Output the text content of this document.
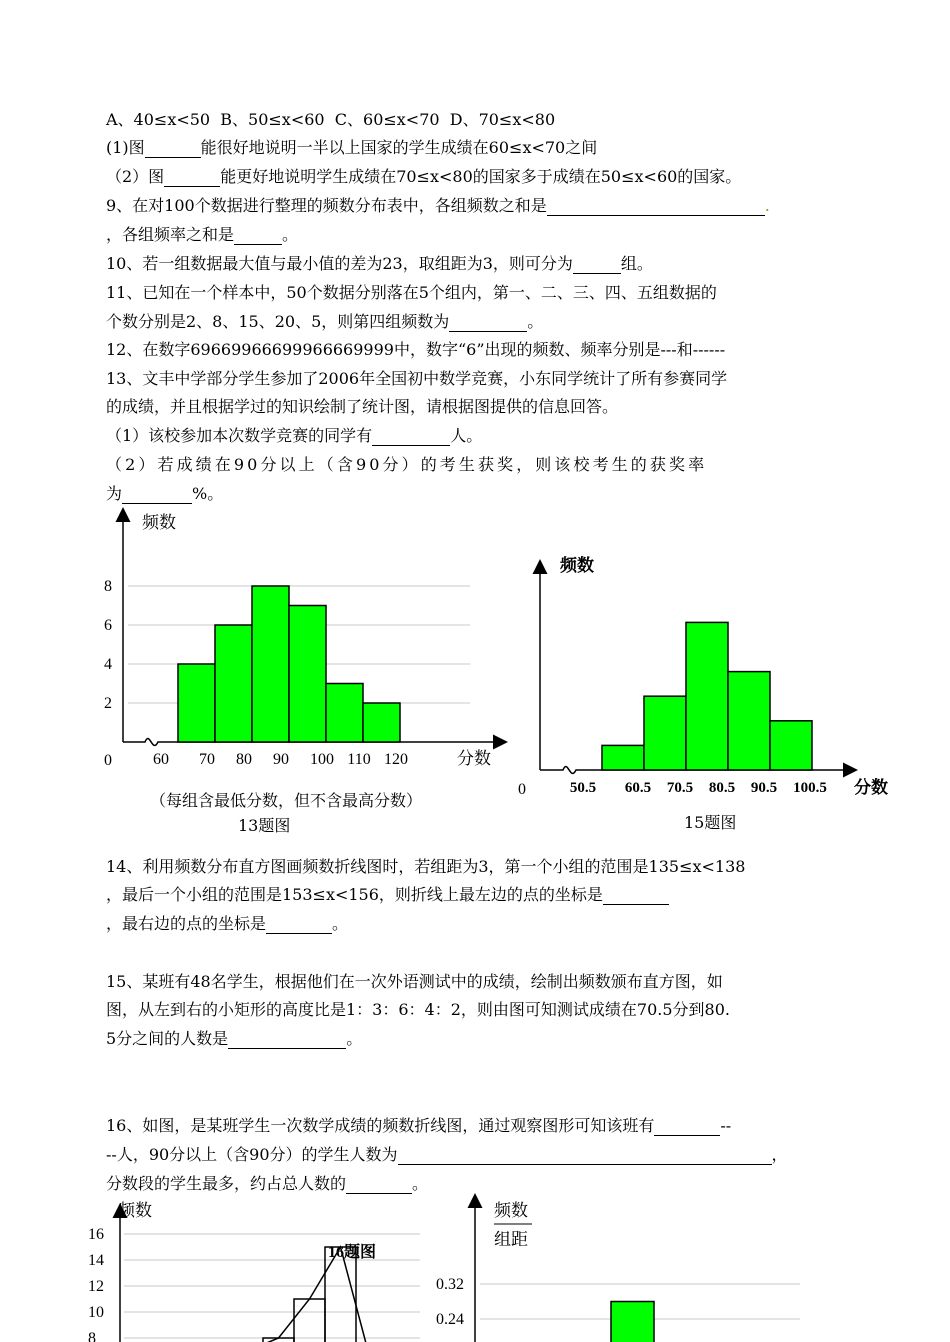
A、40≤x<50  B、50≤x<60  C、60≤x<70  D、70≤x<80
(1)图	能很好地说明一半以上国家的学生成绩在60≤x<70之间
（2）图	能更好地说明学生成绩在70≤x<80的国家多于成绩在50≤x<60的国家。
9、在对100个数据进行整理的频数分布表中，各组频数之和是	.
，各组频率之和是	。
10、若一组数据最大值与最小值的差为23，取组距为3，则可分为	组。
11、已知在一个样本中，50个数据分别落在5个组内，第一、二、三、四、五组数据的
个数分别是2、8、15、20、5，则第四组频数为	。
12、在数字69669966699966669999中，数字“6”出现的频数、频率分别是---和------
13、文丰中学部分学生参加了2006年全国初中数学竞赛，小东同学统计了所有参赛同学
的成绩，并且根据学过的知识绘制了统计图，请根据图提供的信息回答。
（1）该校参加本次数学竞赛的同学有	人。
（2）若成绩在90分以上（含90分）的考生获奖，则该校考生的获奖率
为	%。
14、利用频数分布直方图画频数折线图时，若组距为3，第一个小组的范围是135≤x<138
，最后一个小组的范围是153≤x<156，则折线上最左边的点的坐标是
，最右边的点的坐标是	。
15、某班有48名学生，根据他们在一次外语测试中的成绩，绘制出频数颁布直方图，如
图，从左到右的小矩形的高度比是1：3：6：4：2，则由图可知测试成绩在70.5分到80.
5分之间的人数是	。
16、如图，是某班学生一次数学成绩的频数折线图，通过观察图形可知该班有	--
--人，90分以上（含90分）的学生人数为	，
分数段的学生最多，约占总人数的	。
（每组含最低分数，但不含最高分数）
13题图	15题图
2
4
6
8
60 70 80 90 100 110 120
0	分数
频数
50.5 60.5 70.5 80.5 90.5 100.5
0	分数
频数
8
10
12
14
16
频数
16题图
0.24
0.32
频数
组距
